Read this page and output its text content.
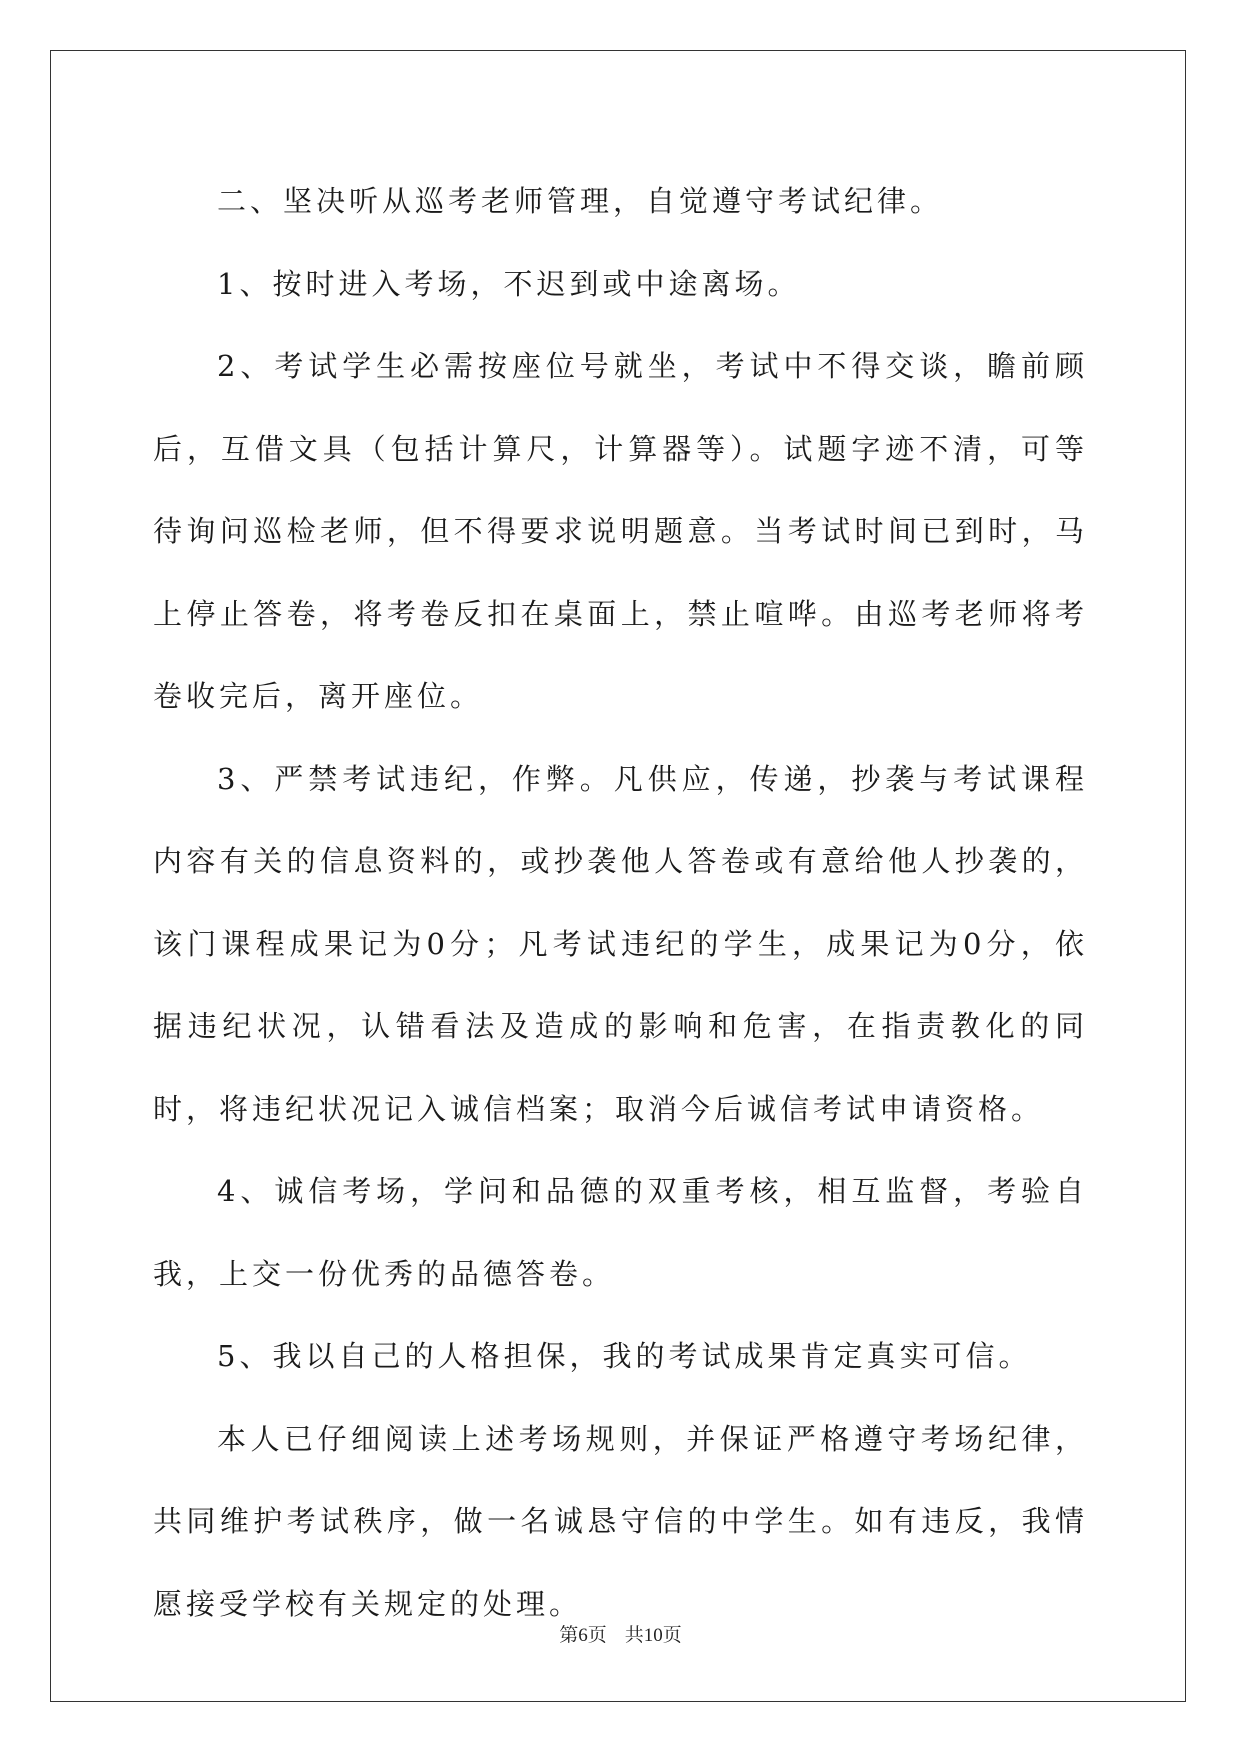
二、坚决听从巡考老师管理，自觉遵守考试纪律。

1、按时进入考场，不迟到或中途离场。

2、考试学生必需按座位号就坐，考试中不得交谈，瞻前顾后，互借文具（包括计算尺，计算器等）。试题字迹不清，可等待询问巡检老师，但不得要求说明题意。当考试时间已到时，马上停止答卷，将考卷反扣在桌面上，禁止喧哗。由巡考老师将考卷收完后，离开座位。

3、严禁考试违纪，作弊。凡供应，传递，抄袭与考试课程内容有关的信息资料的，或抄袭他人答卷或有意给他人抄袭的，该门课程成果记为0分；凡考试违纪的学生，成果记为0分，依据违纪状况，认错看法及造成的影响和危害，在指责教化的同时，将违纪状况记入诚信档案；取消今后诚信考试申请资格。

4、诚信考场，学问和品德的双重考核，相互监督，考验自我，上交一份优秀的品德答卷。

5、我以自己的人格担保，我的考试成果肯定真实可信。

本人已仔细阅读上述考场规则，并保证严格遵守考场纪律，共同维护考试秩序，做一名诚恳守信的中学生。如有违反，我情愿接受学校有关规定的处理。

第6页 共10页
